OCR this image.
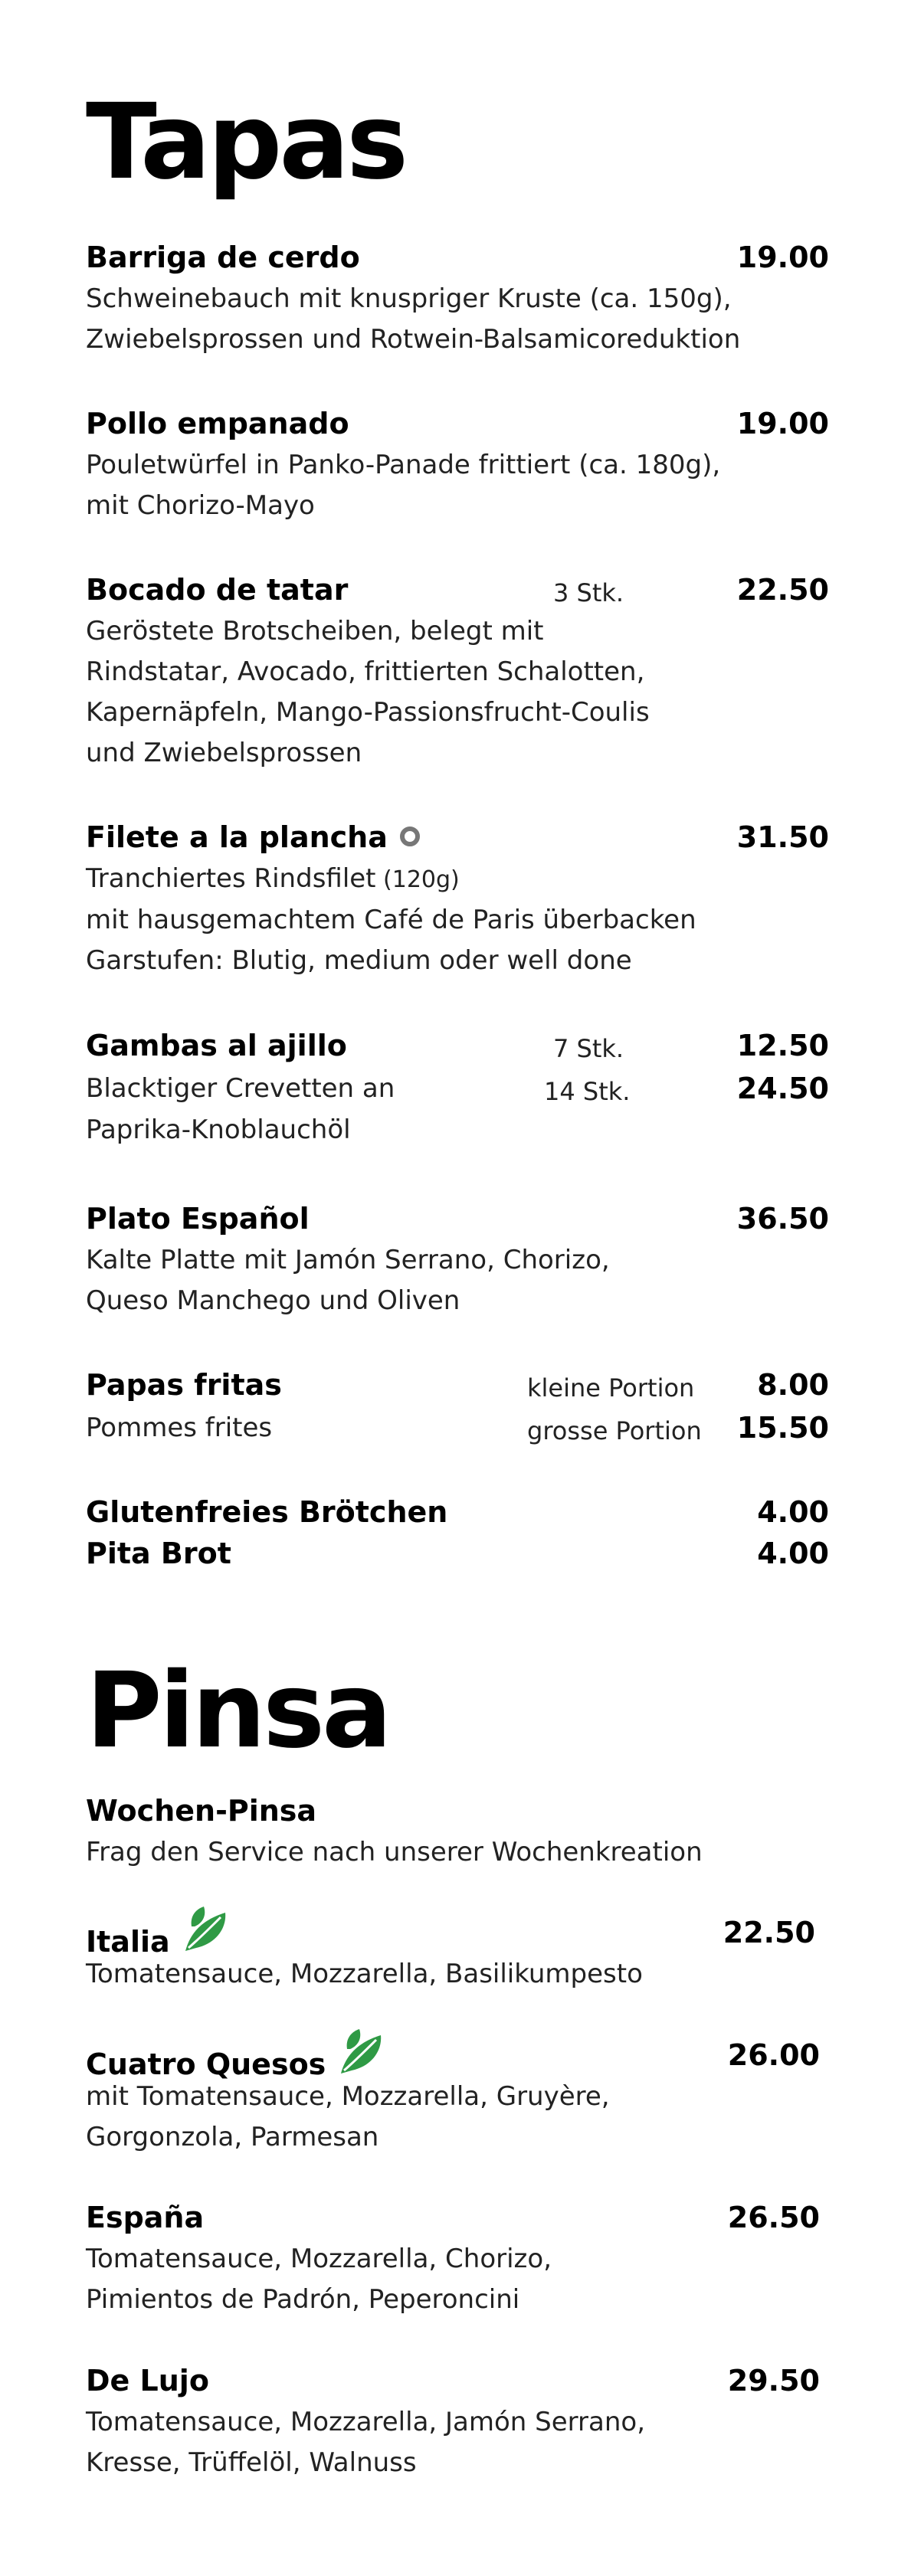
Tapas
Barriga de cerdo	19.00
Schweinebauch mit knuspriger Kruste (ca. 150g),
Zwiebelsprossen und Rotwein-Balsamicoreduktion
Pollo empanado	19.00
Pouletwürfel in Panko-Panade frittiert (ca. 180g),
mit Chorizo-Mayo
Bocado de tatar	3 Stk.	22.50
Geröstete Brotscheiben, belegt mit
Rindstatar, Avocado, frittierten Schalotten,
Kapernäpfeln, Mango-Passionsfrucht-Coulis
und Zwiebelsprossen
Filete a la plancha	31.50
Tranchiertes Rindsfilet (120g)
mit hausgemachtem Café de Paris überbacken
Garstufen: Blutig, medium oder well done
Gambas al ajillo	7 Stk.	12.50
Blacktiger Crevetten an	14 Stk.	24.50
Paprika-Knoblauchöl
Plato Español	36.50
Kalte Platte mit Jamón Serrano, Chorizo,
Queso Manchego und Oliven
Papas fritas	kleine Portion 8.00
Pommes frites	grosse Portion 15.50
Glutenfreies Brötchen	4.00
Pita Brot	4.00
Pinsa
Wochen-Pinsa
Frag den Service nach unserer Wochenkreation
Italia	22.50
Tomatensauce, Mozzarella, Basilikumpesto
Cuatro Quesos	26.00
mit Tomatensauce, Mozzarella, Gruyère,
Gorgonzola, Parmesan
España	26.50
Tomatensauce, Mozzarella, Chorizo,
Pimientos de Padrón, Peperoncini
De Lujo	29.50
Tomatensauce, Mozzarella, Jamón Serrano,
Kresse, Trüffelöl, Walnuss
